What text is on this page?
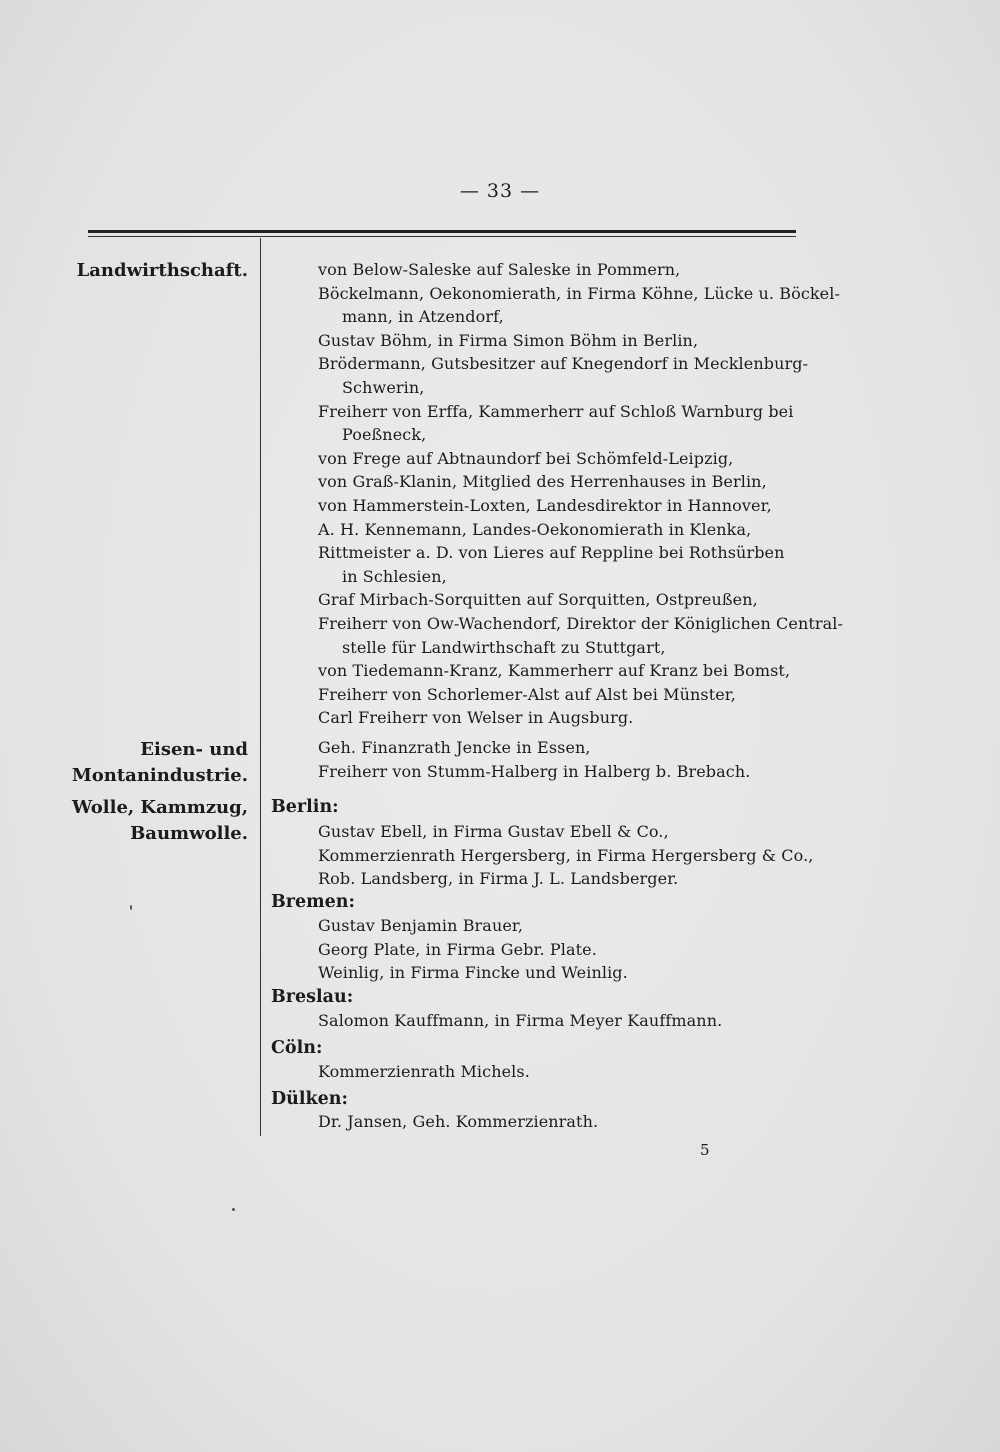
— 33 —
Landwirthschaft.	von Below-Saleske auf Saleske in Pommern,
Böckelmann, Oekonomierath, in Firma Köhne, Lücke u. Böckel-
mann, in Atzendorf,
Gustav Böhm, in Firma Simon Böhm in Berlin,
Brödermann, Gutsbesitzer auf Knegendorf in Mecklenburg-
Schwerin,
Freiherr von Erffa, Kammerherr auf Schloß Warnburg bei
Poeßneck,
von Frege auf Abtnaundorf bei Schömfeld-Leipzig,
von Graß-Klanin, Mitglied des Herrenhauses in Berlin,
von Hammerstein-Loxten, Landesdirektor in Hannover,
A. H. Kennemann, Landes-Oekonomierath in Klenka,
Rittmeister a. D. von Lieres auf Reppline bei Rothsürben
in Schlesien,
Graf Mirbach-Sorquitten auf Sorquitten, Ostpreußen,
Freiherr von Ow-Wachendorf, Direktor der Königlichen Central-
stelle für Landwirthschaft zu Stuttgart,
von Tiedemann-Kranz, Kammerherr auf Kranz bei Bomst,
Freiherr von Schorlemer-Alst auf Alst bei Münster,
Carl Freiherr von Welser in Augsburg.
Eisen- und
Montanindustrie.
Geh. Finanzrath Jencke in Essen,
Freiherr von Stumm-Halberg in Halberg b. Brebach.
Wolle, Kammzug,
Baumwolle.
Berlin:
Gustav Ebell, in Firma Gustav Ebell & Co.,
Kommerzienrath Hergersberg, in Firma Hergersberg & Co.,
Rob. Landsberg, in Firma J. L. Landsberger.
Bremen:
Gustav Benjamin Brauer,
Georg Plate, in Firma Gebr. Plate.
Weinlig, in Firma Fincke und Weinlig.
Breslau:
Salomon Kauffmann, in Firma Meyer Kauffmann.
Cöln:
Kommerzienrath Michels.
Dülken:
Dr. Jansen, Geh. Kommerzienrath.
5
